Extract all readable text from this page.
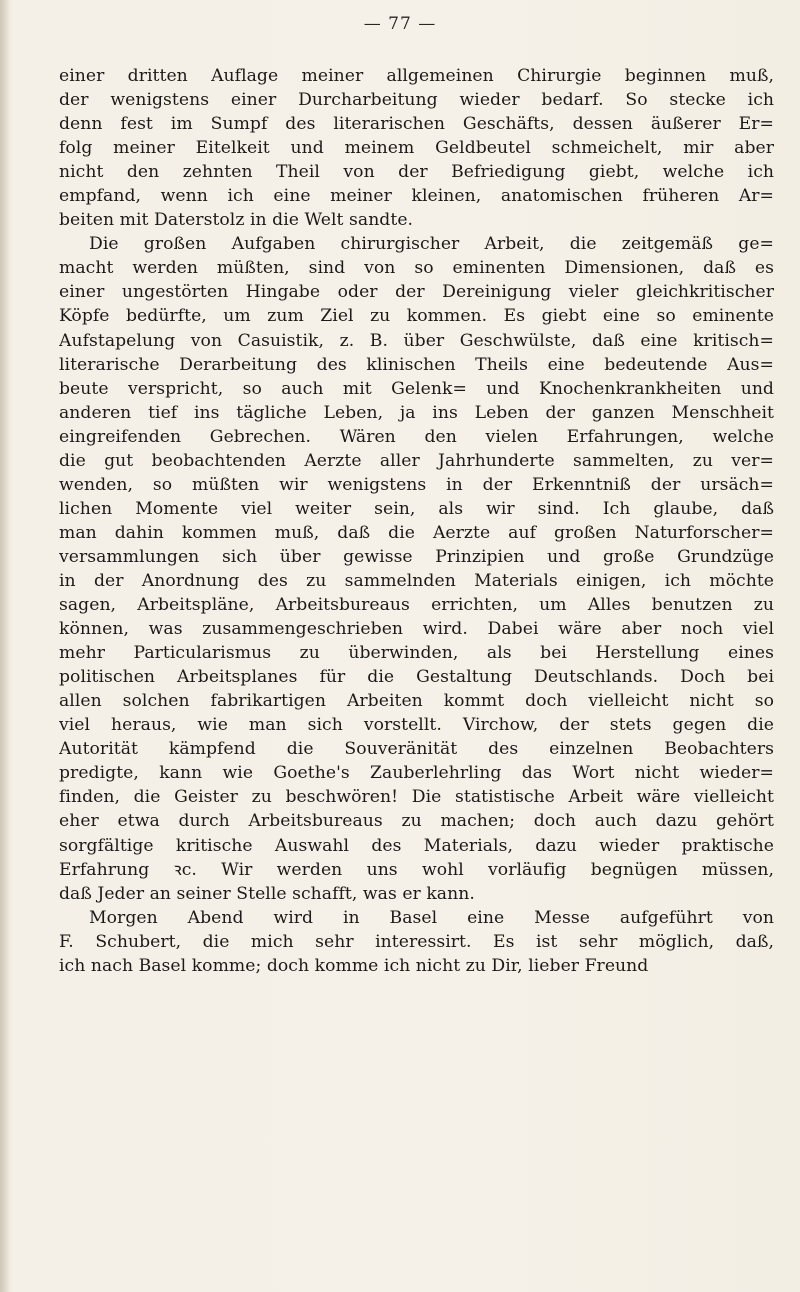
— 77 —
einer dritten Auflage meiner allgemeinen Chirurgie beginnen muß,
der wenigstens einer Durcharbeitung wieder bedarf. So stecke ich
denn fest im Sumpf des literarischen Geschäfts, dessen äußerer Er=
folg meiner Eitelkeit und meinem Geldbeutel schmeichelt, mir aber
nicht den zehnten Theil von der Befriedigung giebt, welche ich
empfand, wenn ich eine meiner kleinen, anatomischen früheren Ar=
beiten mit Daterstolz in die Welt sandte.
Die großen Aufgaben chirurgischer Arbeit, die zeitgemäß ge=
macht werden müßten, sind von so eminenten Dimensionen, daß es
einer ungestörten Hingabe oder der Dereinigung vieler gleichkritischer
Köpfe bedürfte, um zum Ziel zu kommen. Es giebt eine so eminente
Aufstapelung von Casuistik, z. B. über Geschwülste, daß eine kritisch=
literarische Derarbeitung des klinischen Theils eine bedeutende Aus=
beute verspricht, so auch mit Gelenk= und Knochenkrankheiten und
anderen tief ins tägliche Leben, ja ins Leben der ganzen Menschheit
eingreifenden Gebrechen. Wären den vielen Erfahrungen, welche
die gut beobachtenden Aerzte aller Jahrhunderte sammelten, zu ver=
wenden, so müßten wir wenigstens in der Erkenntniß der ursäch=
lichen Momente viel weiter sein, als wir sind. Ich glaube, daß
man dahin kommen muß, daß die Aerzte auf großen Naturforscher=
versammlungen sich über gewisse Prinzipien und große Grundzüge
in der Anordnung des zu sammelnden Materials einigen, ich möchte
sagen, Arbeitspläne, Arbeitsbureaus errichten, um Alles benutzen zu
können, was zusammengeschrieben wird. Dabei wäre aber noch viel
mehr Particularismus zu überwinden, als bei Herstellung eines
politischen Arbeitsplanes für die Gestaltung Deutschlands. Doch bei
allen solchen fabrikartigen Arbeiten kommt doch vielleicht nicht so
viel heraus, wie man sich vorstellt. Virchow, der stets gegen die
Autorität kämpfend die Souveränität des einzelnen Beobachters
predigte, kann wie Goethe's Zauberlehrling das Wort nicht wieder=
finden, die Geister zu beschwören! Die statistische Arbeit wäre vielleicht
eher etwa durch Arbeitsbureaus zu machen; doch auch dazu gehört
sorgfältige kritische Auswahl des Materials, dazu wieder praktische
Erfahrung ꝛc. Wir werden uns wohl vorläufig begnügen müssen,
daß Jeder an seiner Stelle schafft, was er kann.
Morgen Abend wird in Basel eine Messe aufgeführt von
F. Schubert, die mich sehr interessirt. Es ist sehr möglich, daß,
ich nach Basel komme; doch komme ich nicht zu Dir, lieber Freund
